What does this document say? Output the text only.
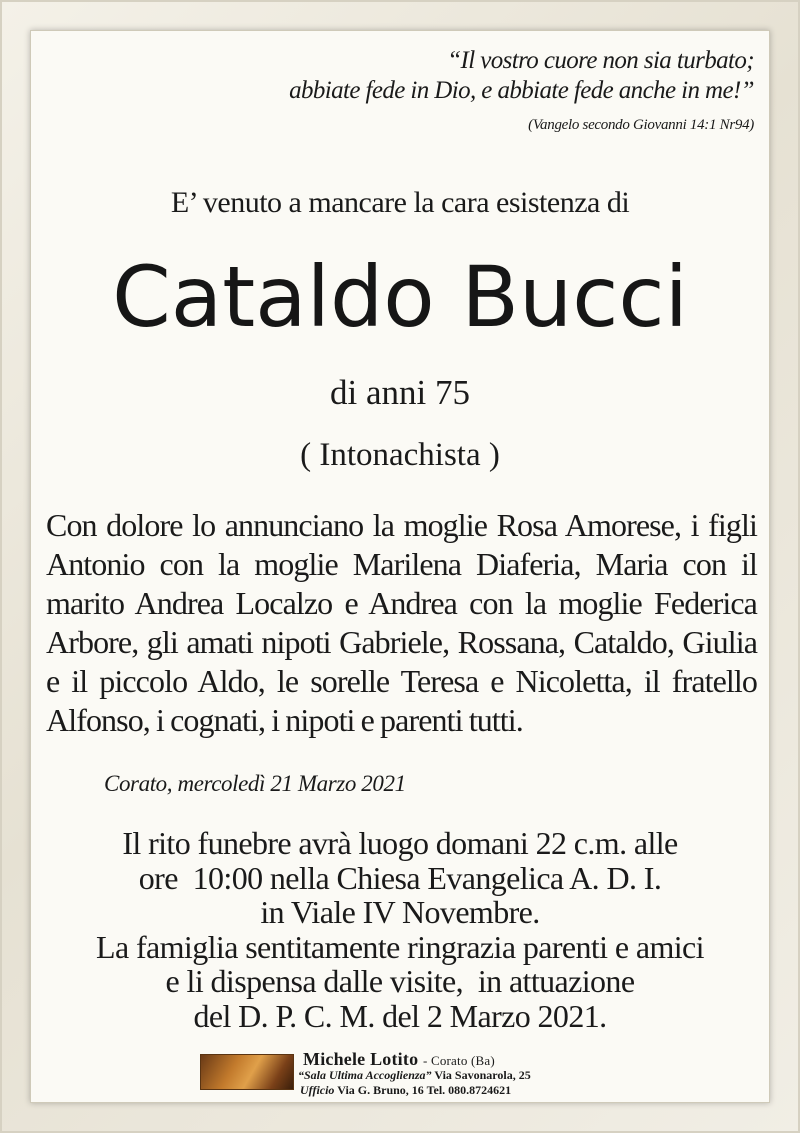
“Il vostro cuore non sia turbato;
abbiate fede in Dio, e abbiate fede anche in me!”
(Vangelo secondo Giovanni 14:1 Nr94)
E’ venuto a mancare la cara esistenza di
Cataldo Bucci
di anni 75
( Intonachista )
Con dolore lo annunciano la moglie Rosa Amorese, i figli Antonio con la moglie Marilena Diaferia, Maria con il marito Andrea Localzo e Andrea con la moglie Federica Arbore, gli amati nipoti Gabriele, Rossana, Cataldo, Giulia e il piccolo Aldo, le sorelle Teresa e Nicoletta, il fratello Alfonso, i cognati, i nipoti e parenti tutti.
Corato, mercoledì 21 Marzo 2021
Il rito funebre avrà luogo domani 22 c.m. alle
ore  10:00 nella Chiesa Evangelica A. D. I.
in Viale IV Novembre.
La famiglia sentitamente ringrazia parenti e amici
e li dispensa dalle visite,  in attuazione
del D. P. C. M. del 2 Marzo 2021.
Michele Lotito - Corato (Ba)
“Sala Ultima Accoglienza” Via Savonarola, 25
Ufficio Via G. Bruno, 16 Tel. 080.8724621
